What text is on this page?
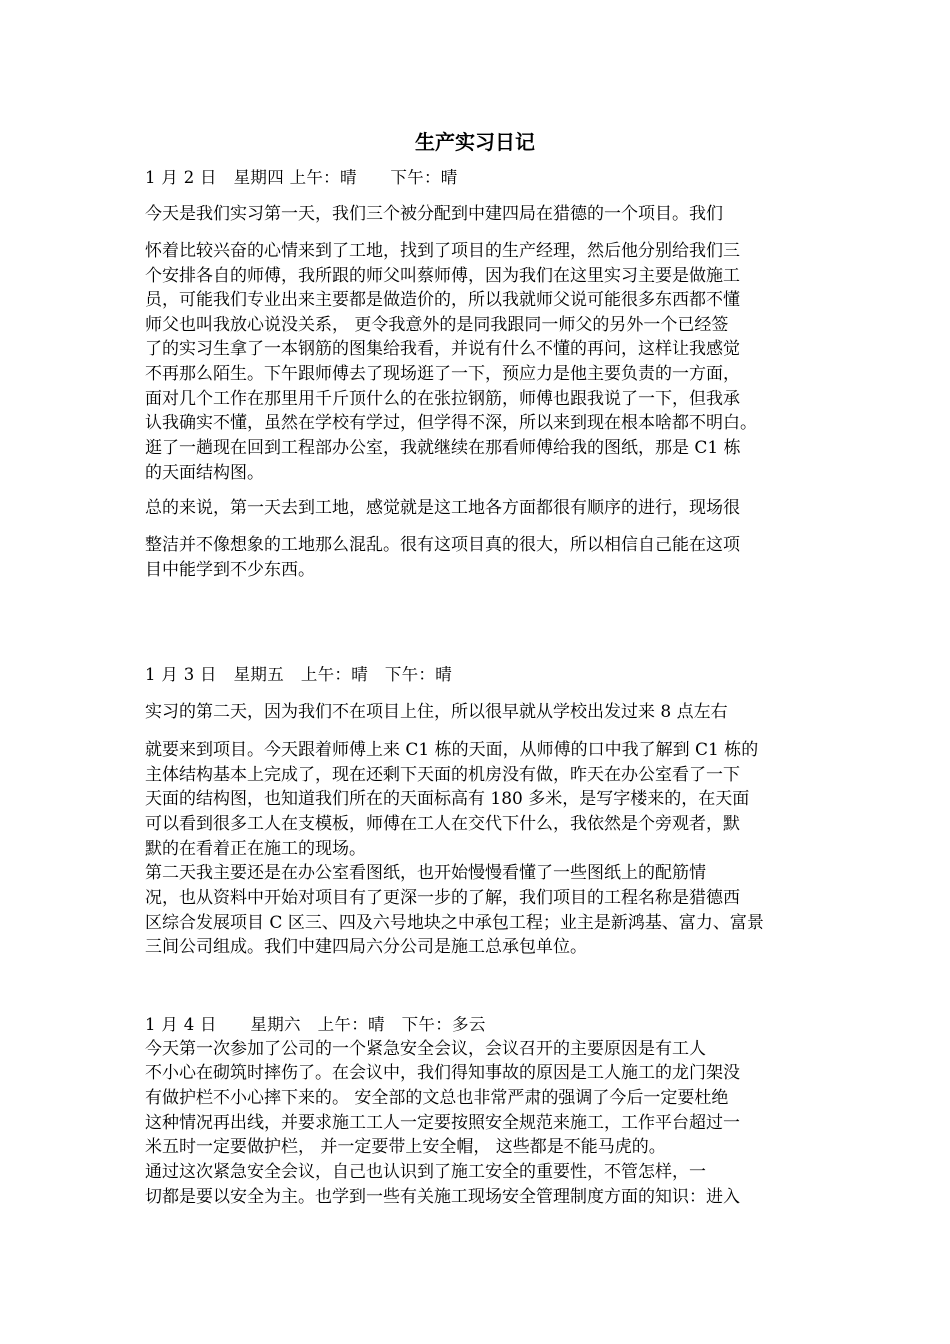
生产实习日记
1 月 2 日　星期四 上午：晴　　下午：晴
今天是我们实习第一天，我们三个被分配到中建四局在猎德的一个项目。我们
怀着比较兴奋的心情来到了工地，找到了项目的生产经理，然后他分别给我们三
个安排各自的师傅，我所跟的师父叫蔡师傅，因为我们在这里实习主要是做施工
员，可能我们专业出来主要都是做造价的，所以我就师父说可能很多东西都不懂
师父也叫我放心说没关系， 更令我意外的是同我跟同一师父的另外一个已经签
了的实习生拿了一本钢筋的图集给我看，并说有什么不懂的再问，这样让我感觉
不再那么陌生。下午跟师傅去了现场逛了一下，预应力是他主要负责的一方面，
面对几个工作在那里用千斤顶什么的在张拉钢筋，师傅也跟我说了一下，但我承
认我确实不懂，虽然在学校有学过，但学得不深，所以来到现在根本啥都不明白。
逛了一趟现在回到工程部办公室，我就继续在那看师傅给我的图纸，那是 C1 栋
的天面结构图。
总的来说，第一天去到工地，感觉就是这工地各方面都很有顺序的进行，现场很
整洁并不像想象的工地那么混乱。很有这项目真的很大，所以相信自己能在这项
目中能学到不少东西。
1 月 3 日　星期五　上午：晴　下午：晴
实习的第二天，因为我们不在项目上住，所以很早就从学校出发过来 8 点左右
就要来到项目。今天跟着师傅上来 C1 栋的天面，从师傅的口中我了解到 C1 栋的
主体结构基本上完成了，现在还剩下天面的机房没有做，昨天在办公室看了一下
天面的结构图，也知道我们所在的天面标高有 180 多米，是写字楼来的，在天面
可以看到很多工人在支模板，师傅在工人在交代下什么，我依然是个旁观者，默
默的在看着正在施工的现场。
第二天我主要还是在办公室看图纸，也开始慢慢看懂了一些图纸上的配筋情
况，也从资料中开始对项目有了更深一步的了解，我们项目的工程名称是猎德西
区综合发展项目 C 区三、四及六号地块之中承包工程；业主是新鸿基、富力、富景
三间公司组成。我们中建四局六分公司是施工总承包单位。
1 月 4 日　　星期六　上午：晴　下午：多云
今天第一次参加了公司的一个紧急安全会议，会议召开的主要原因是有工人
不小心在砌筑时摔伤了。在会议中，我们得知事故的原因是工人施工的龙门架没
有做护栏不小心摔下来的。 安全部的文总也非常严肃的强调了今后一定要杜绝
这种情况再出线，并要求施工工人一定要按照安全规范来施工，工作平台超过一
米五时一定要做护栏， 并一定要带上安全帽， 这些都是不能马虎的。
通过这次紧急安全会议，自己也认识到了施工安全的重要性，不管怎样，一
切都是要以安全为主。也学到一些有关施工现场安全管理制度方面的知识：进入
